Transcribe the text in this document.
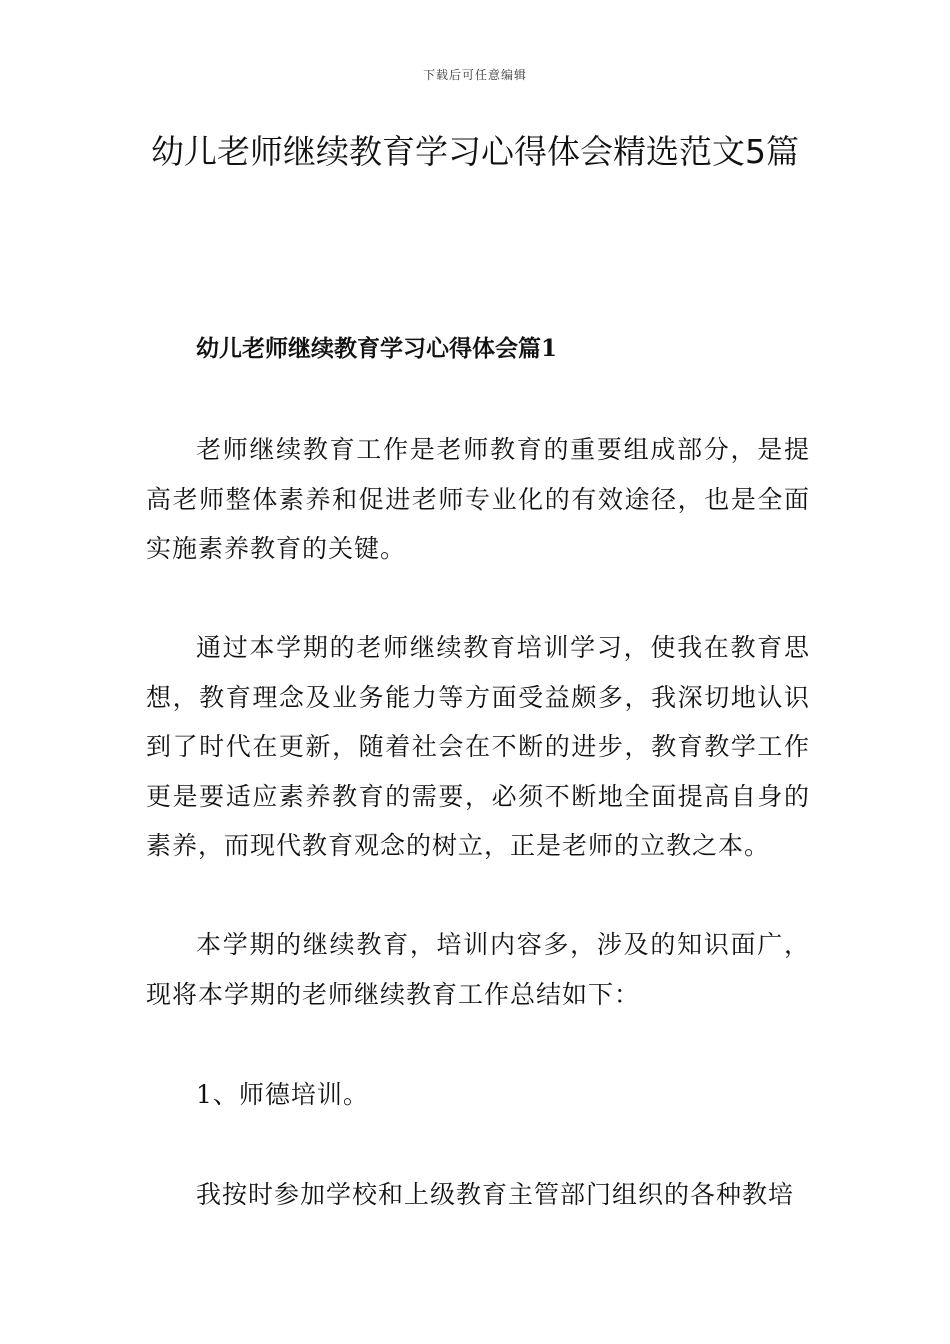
下载后可任意编辑
幼儿老师继续教育学习心得体会精选范文5篇
幼儿老师继续教育学习心得体会篇1

老师继续教育工作是老师教育的重要组成部分，是提高老师整体素养和促进老师专业化的有效途径，也是全面实施素养教育的关键。

通过本学期的老师继续教育培训学习，使我在教育思想，教育理念及业务能力等方面受益颇多，我深切地认识到了时代在更新，随着社会在不断的进步，教育教学工作更是要适应素养教育的需要，必须不断地全面提高自身的素养，而现代教育观念的树立，正是老师的立教之本。

本学期的继续教育，培训内容多，涉及的知识面广，现将本学期的老师继续教育工作总结如下：

1、师德培训。

我按时参加学校和上级教育主管部门组织的各种教培
